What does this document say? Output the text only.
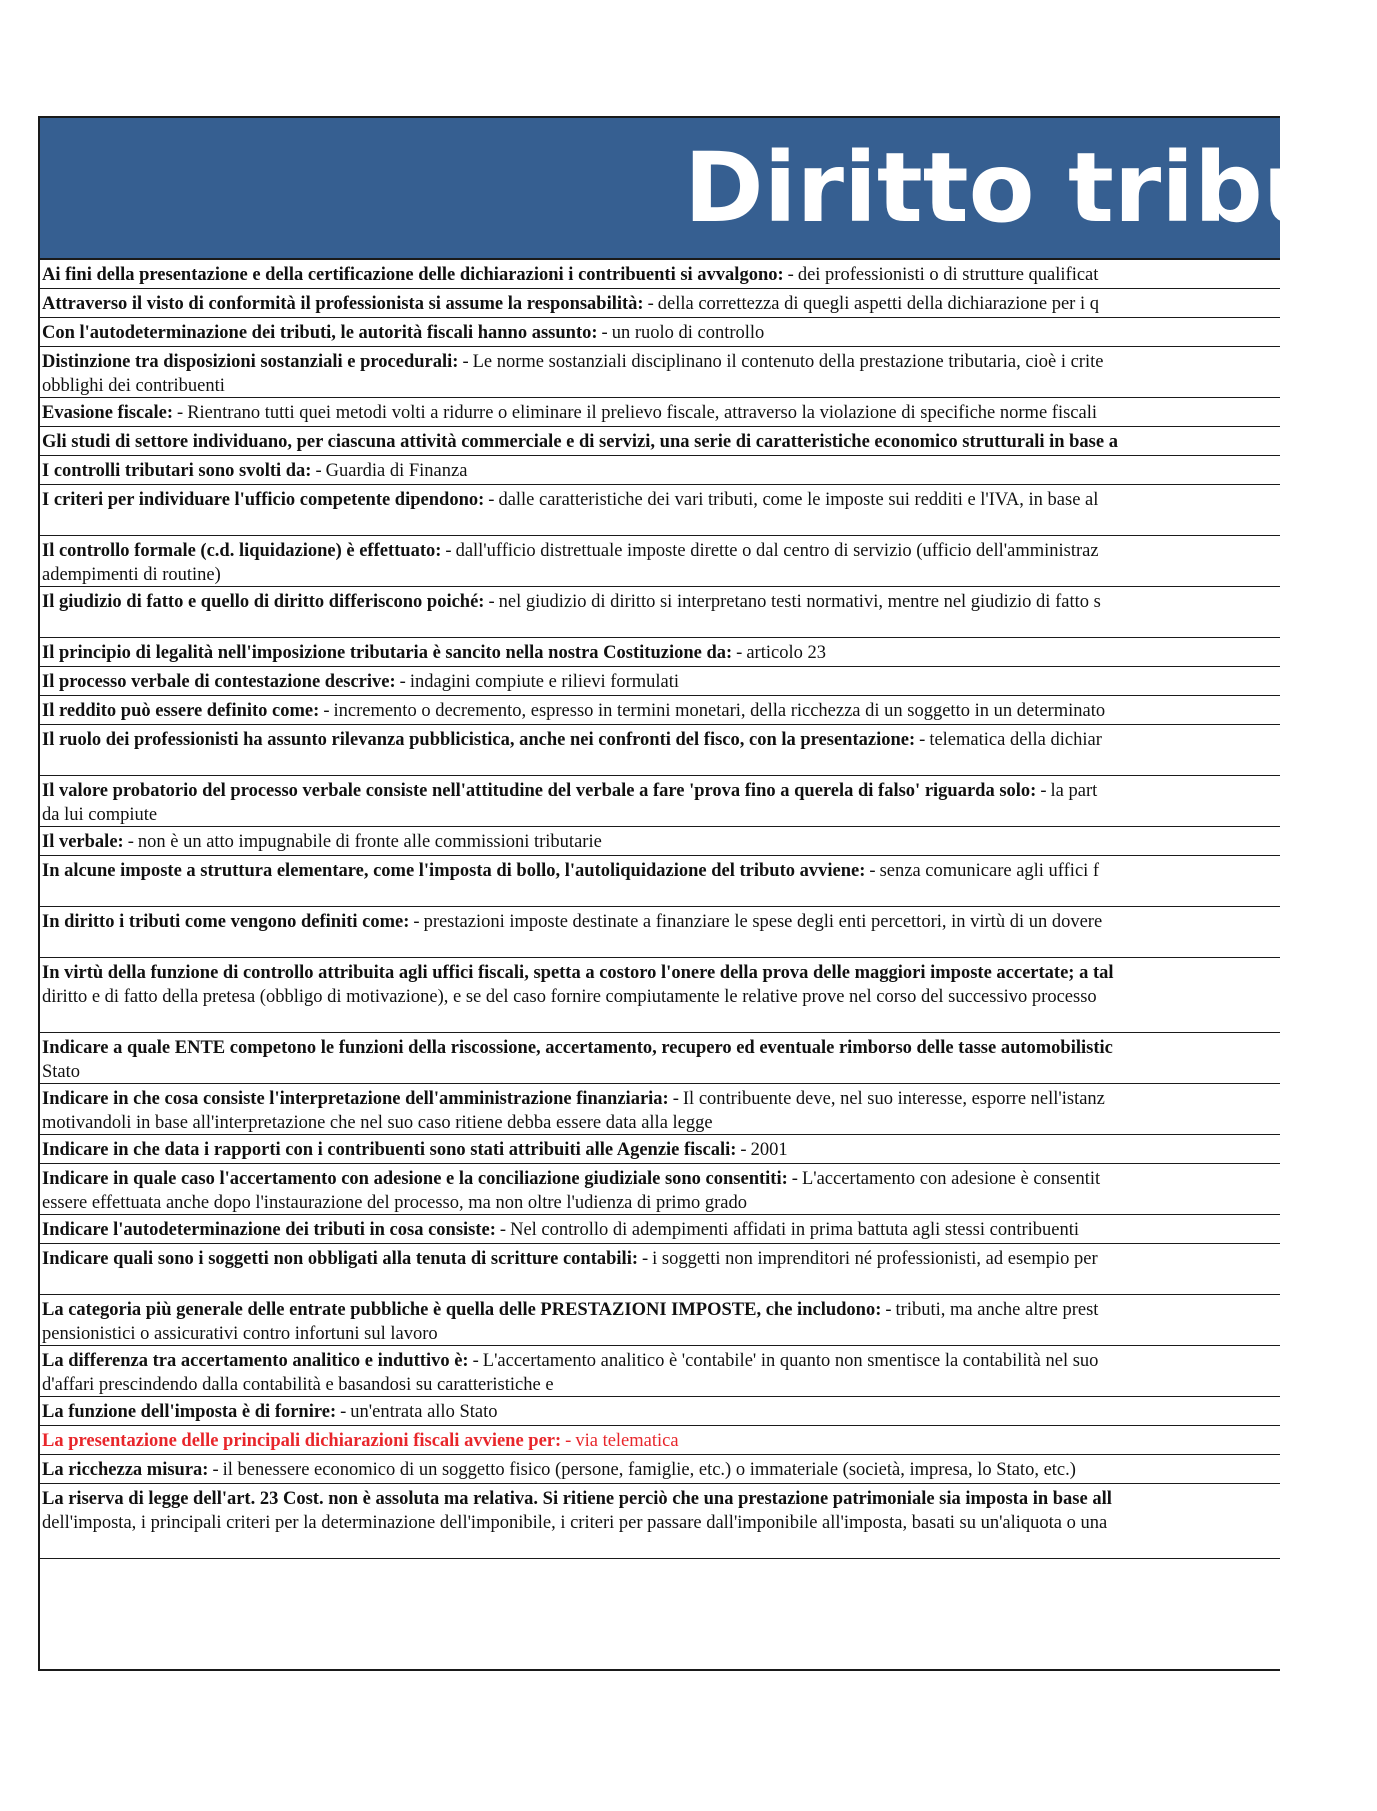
Diritto tribut
Ai fini della presentazione e della certificazione delle dichiarazioni i contribuenti si avvalgono: - dei professionisti o di strutture qualificat
Attraverso il visto di conformità il professionista si assume la responsabilità: - della correttezza di quegli aspetti della dichiarazione per i q
Con l'autodeterminazione dei tributi, le autorità fiscali hanno assunto: - un ruolo di controllo
Distinzione tra disposizioni sostanziali e procedurali: - Le norme sostanziali disciplinano il contenuto della prestazione tributaria, cioè i crite
obblighi dei contribuenti
Evasione fiscale: - Rientrano tutti quei metodi volti a ridurre o eliminare il prelievo fiscale, attraverso la violazione di specifiche norme fiscali
Gli studi di settore individuano, per ciascuna attività commerciale e di servizi, una serie di caratteristiche economico strutturali in base a
I controlli tributari sono svolti da: - Guardia di Finanza
I criteri per individuare l'ufficio competente dipendono: - dalle caratteristiche dei vari tributi, come le imposte sui redditi e l'IVA, in base al
Il controllo formale (c.d. liquidazione) è effettuato: - dall'ufficio distrettuale imposte dirette o dal centro di servizio (ufficio dell'amministraz
adempimenti di routine)
Il giudizio di fatto e quello di diritto differiscono poiché: - nel giudizio di diritto si interpretano testi normativi, mentre nel giudizio di fatto s
Il principio di legalità nell'imposizione tributaria è sancito nella nostra Costituzione da: - articolo 23
Il processo verbale di contestazione descrive: - indagini compiute e rilievi formulati
Il reddito può essere definito come: - incremento o decremento, espresso in termini monetari, della ricchezza di un soggetto in un determinato
Il ruolo dei professionisti ha assunto rilevanza pubblicistica, anche nei confronti del fisco, con la presentazione: - telematica della dichiar
Il valore probatorio del processo verbale consiste nell'attitudine del verbale a fare 'prova fino a querela di falso' riguarda solo: - la part
da lui compiute
Il verbale: - non è un atto impugnabile di fronte alle commissioni tributarie
In alcune imposte a struttura elementare, come l'imposta di bollo, l'autoliquidazione del tributo avviene: - senza comunicare agli uffici f
In diritto i tributi come vengono definiti come: - prestazioni imposte destinate a finanziare le spese degli enti percettori, in virtù di un dovere
In virtù della funzione di controllo attribuita agli uffici fiscali, spetta a costoro l'onere della prova delle maggiori imposte accertate; a tal
diritto e di fatto della pretesa (obbligo di motivazione), e se del caso fornire compiutamente le relative prove nel corso del successivo processo
Indicare a quale ENTE competono le funzioni della riscossione, accertamento, recupero ed eventuale rimborso delle tasse automobilistic
Stato
Indicare in che cosa consiste l'interpretazione dell'amministrazione finanziaria: - Il contribuente deve, nel suo interesse, esporre nell'istanz
motivandoli in base all'interpretazione che nel suo caso ritiene debba essere data alla legge
Indicare in che data i rapporti con i contribuenti sono stati attribuiti alle Agenzie fiscali: - 2001
Indicare in quale caso l'accertamento con adesione e la conciliazione giudiziale sono consentiti: - L'accertamento con adesione è consentit
essere effettuata anche dopo l'instaurazione del processo, ma non oltre l'udienza di primo grado
Indicare l'autodeterminazione dei tributi in cosa consiste: - Nel controllo di adempimenti affidati in prima battuta agli stessi contribuenti
Indicare quali sono i soggetti non obbligati alla tenuta di scritture contabili: - i soggetti non imprenditori né professionisti, ad esempio per
La categoria più generale delle entrate pubbliche è quella delle PRESTAZIONI IMPOSTE, che includono: - tributi, ma anche altre prest
pensionistici o assicurativi contro infortuni sul lavoro
La differenza tra accertamento analitico e induttivo è: - L'accertamento analitico è 'contabile' in quanto non smentisce la contabilità nel suo
d'affari prescindendo dalla contabilità e basandosi su caratteristiche e
La funzione dell'imposta è di fornire: - un'entrata allo Stato
La presentazione delle principali dichiarazioni fiscali avviene per: - via telematica
La ricchezza misura: - il benessere economico di un soggetto fisico (persone, famiglie, etc.) o immateriale (società, impresa, lo Stato, etc.)
La riserva di legge dell'art. 23 Cost. non è assoluta ma relativa. Si ritiene perciò che una prestazione patrimoniale sia imposta in base all
dell'imposta, i principali criteri per la determinazione dell'imponibile, i criteri per passare dall'imponibile all'imposta, basati su un'aliquota o una
